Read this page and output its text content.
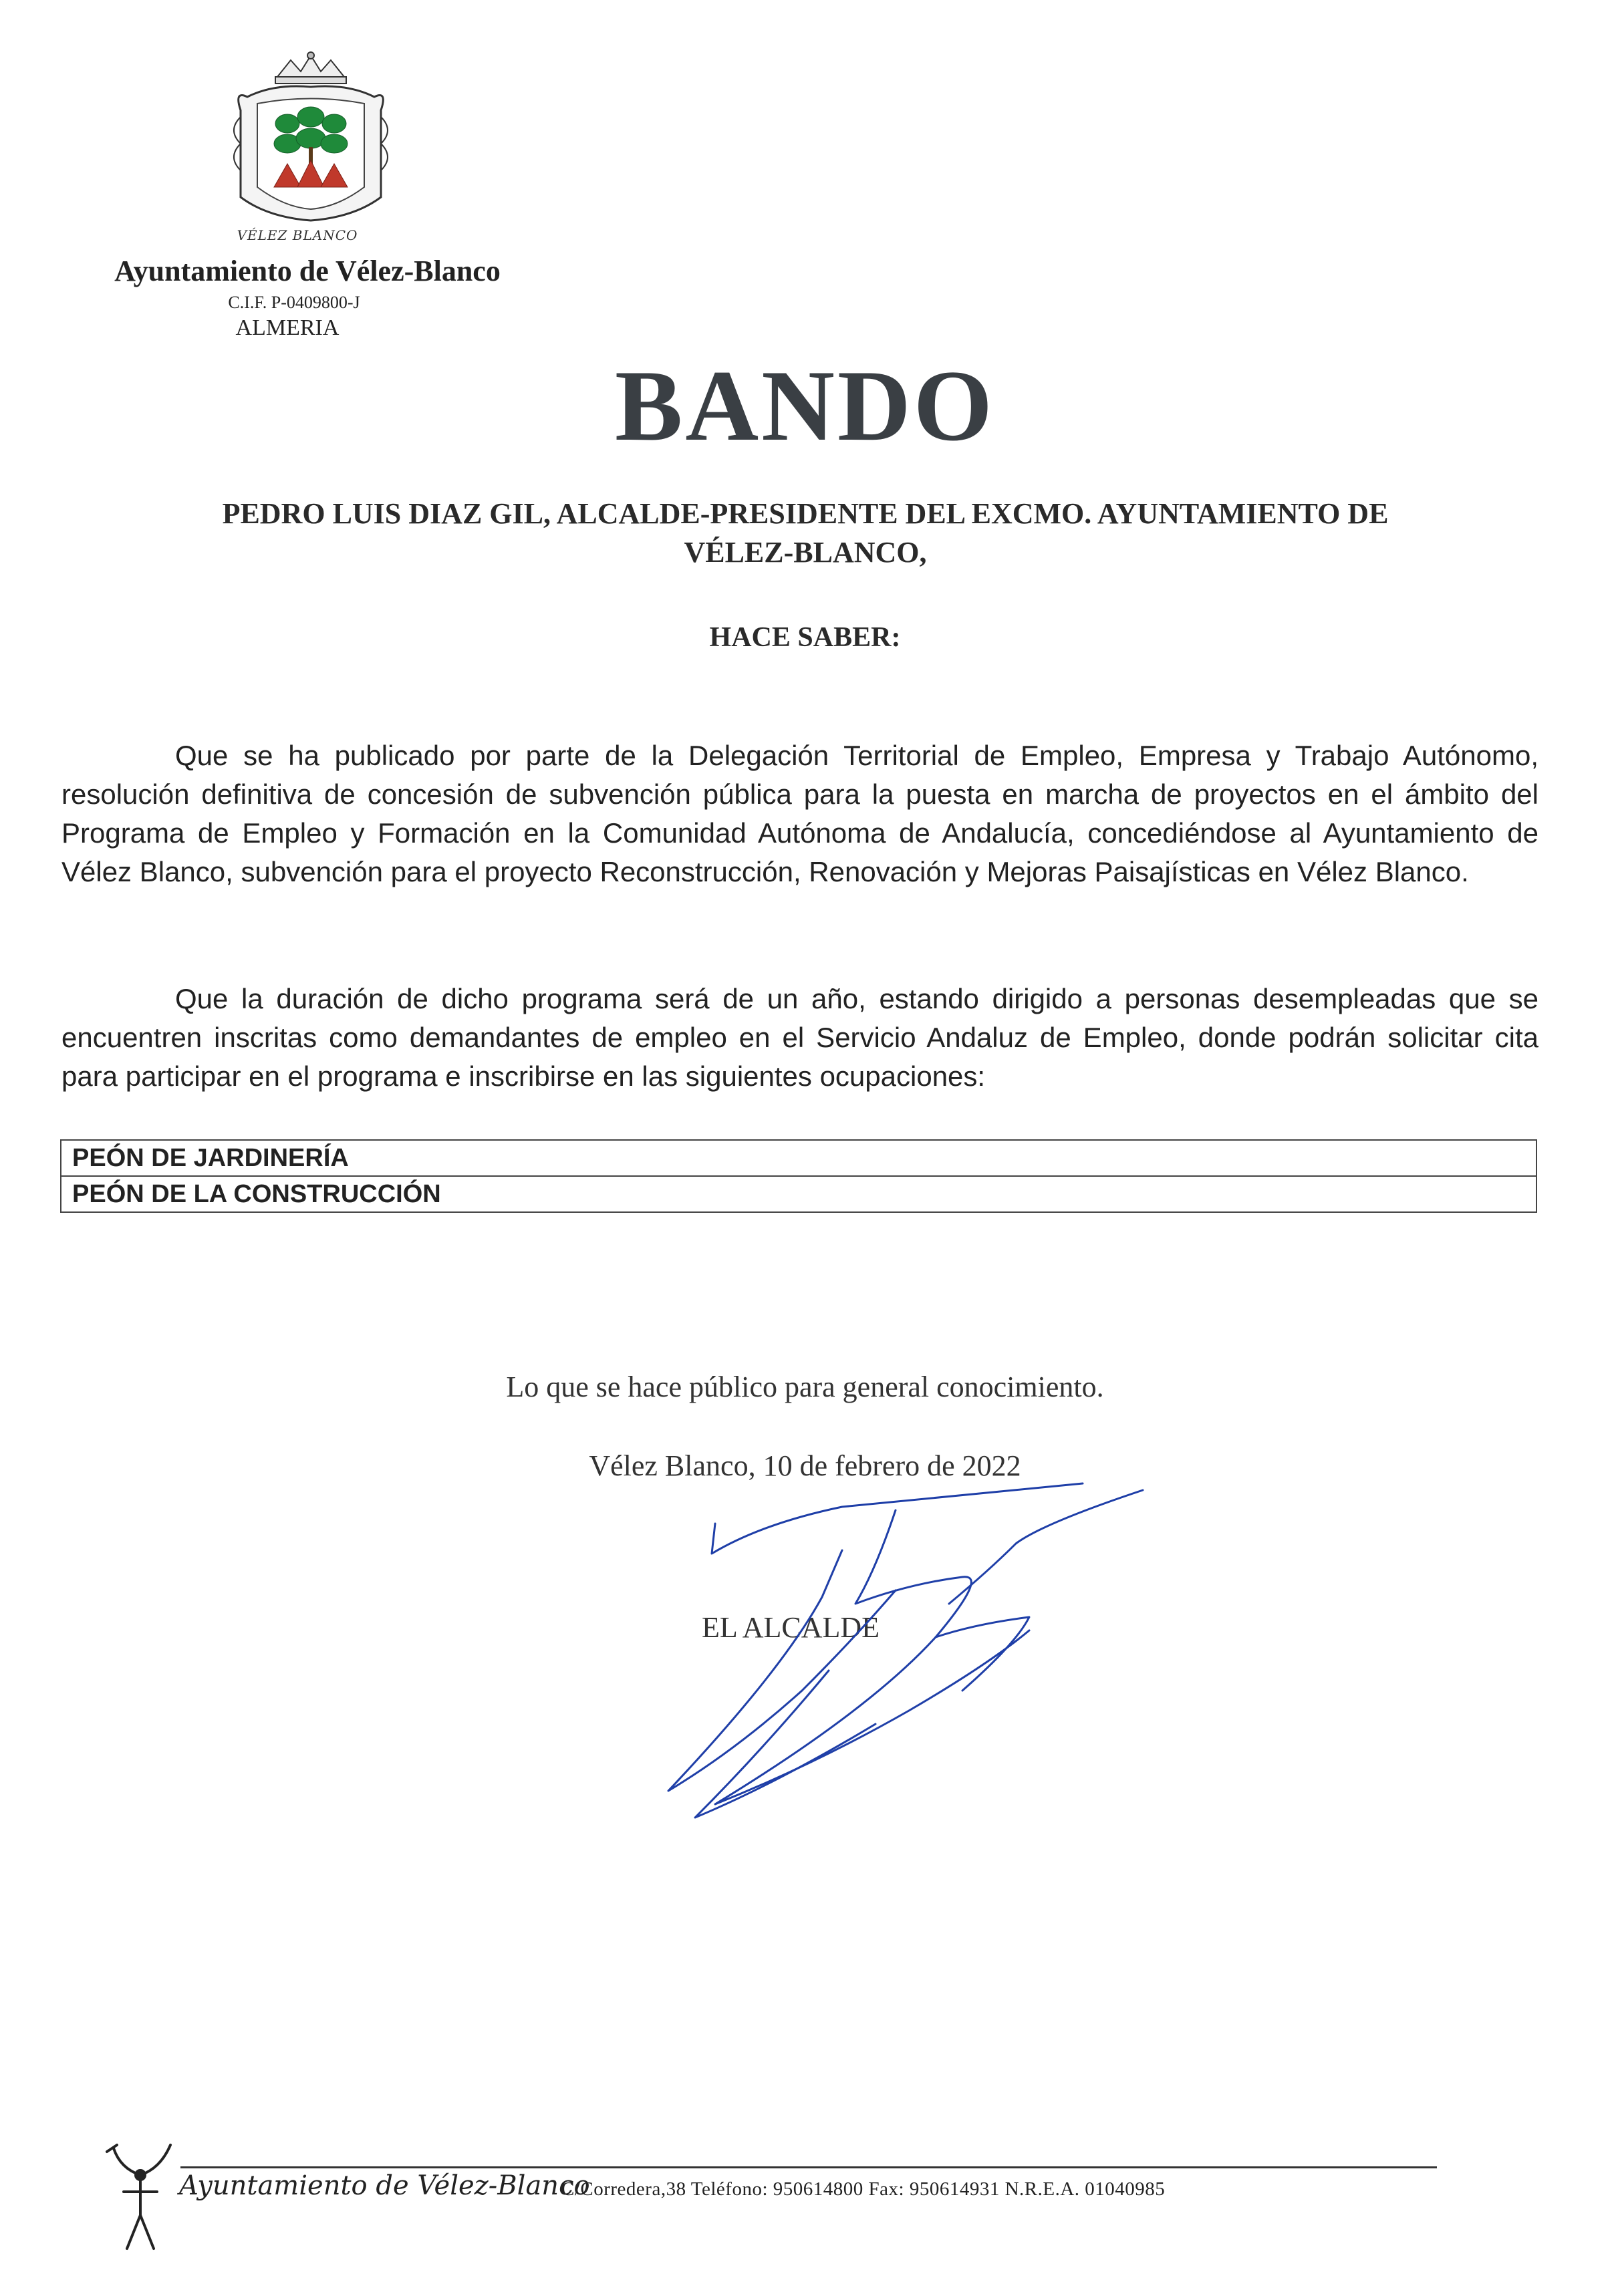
VÉLEZ BLANCO
Ayuntamiento de Vélez-Blanco
C.I.F. P-0409800-J
ALMERIA
BANDO
PEDRO LUIS DIAZ GIL, ALCALDE-PRESIDENTE DEL EXCMO. AYUNTAMIENTO DE
VÉLEZ-BLANCO,
HACE SABER:

Que se ha publicado por parte de la Delegación Territorial de Empleo, Empresa y Trabajo Autónomo, resolución definitiva de concesión de subvención pública para la puesta en marcha de proyectos en el ámbito del Programa de Empleo y Formación en la Comunidad Autónoma de Andalucía, concediéndose al Ayuntamiento de Vélez Blanco, subvención para el proyecto Reconstrucción, Renovación y Mejoras Paisajísticas en Vélez Blanco.

Que la duración de dicho programa será de un año, estando dirigido a personas desempleadas que se encuentren inscritas como demandantes de empleo en el Servicio Andaluz de Empleo, donde podrán solicitar cita para participar en el programa e inscribirse en las siguientes ocupaciones:

PEÓN DE JARDINERÍA
PEÓN DE LA CONSTRUCCIÓN
Lo que se hace público para general conocimiento.
Vélez Blanco, 10 de febrero de 2022
EL ALCALDE
Ayuntamiento de Vélez-Blanco
C/Corredera,38 Teléfono: 950614800 Fax: 950614931 N.R.E.A. 01040985
